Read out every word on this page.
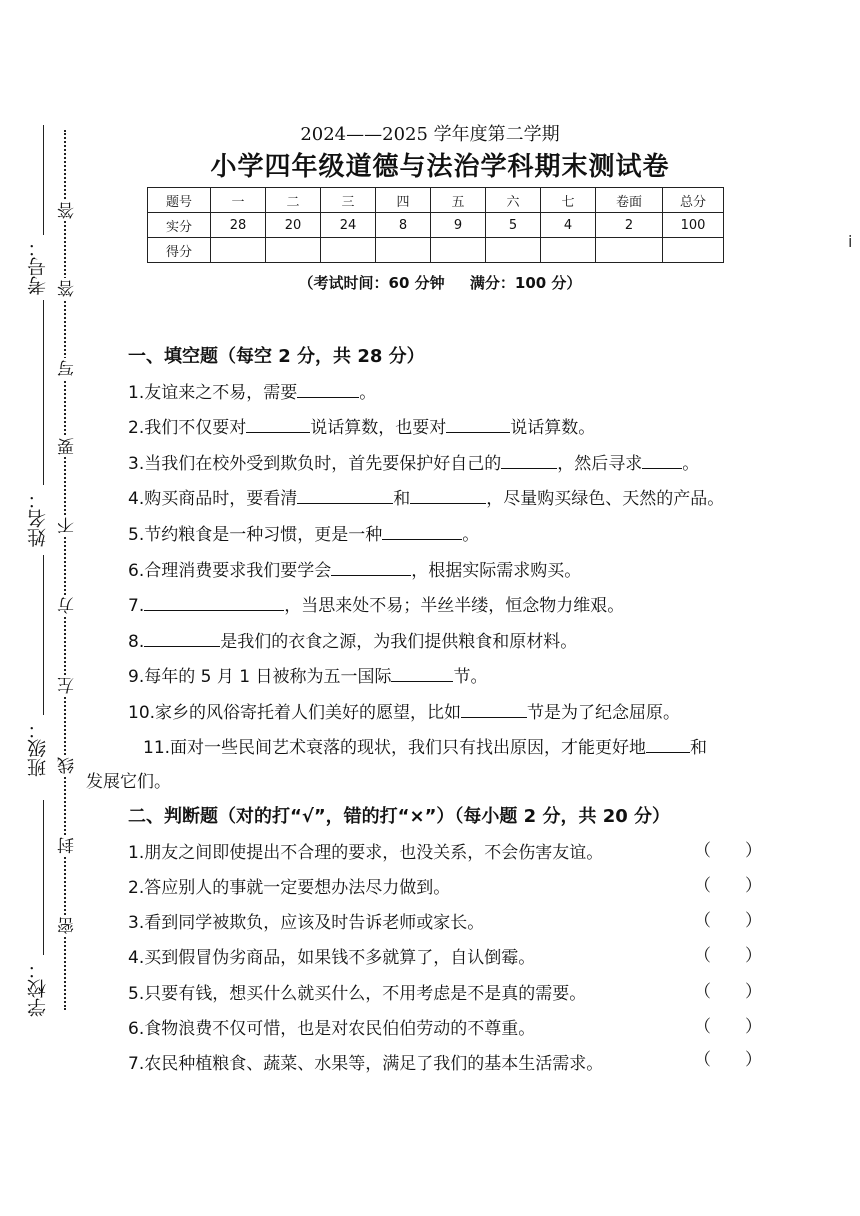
考号：
姓名：
班级：
学校：
答
答
写
要
不
方
左
线
封
密
2024——2025 学年度第二学期
小学四年级道德与法治学科期末测试卷
题号	一	二	三	四	五	六	七	卷面	总分
实分	28	20	24	8	9	5	4	2	100
得分									
（考试时间：60 分钟 满分：100 分）
一、填空题（每空 2 分，共 28 分）
1.友谊来之不易，需要	。
2.我们不仅要对	说话算数，也要对	说话算数。
3.当我们在校外受到欺负时，首先要保护好自己的	，然后寻求 。
4.购买商品时，要看清	和	，尽量购买绿色、天然的产品。
5.节约粮食是一种习惯，更是一种	。
6.合理消费要求我们要学会	，根据实际需求购买。
7.	，当思来处不易；半丝半缕，恒念物力维艰。
8.	是我们的衣食之源，为我们提供粮食和原材料。
9.每年的 5 月 1 日被称为五一国际	节。
10.家乡的风俗寄托着人们美好的愿望，比如	节是为了纪念屈原。
11.面对一些民间艺术衰落的现状，我们只有找出原因，才能更好地	和
发展它们。
二、判断题（对的打“√”，错的打“×”）（每小题 2 分，共 20 分）
1.朋友之间即使提出不合理的要求，也没关系，不会伤害友谊。	（　　）
2.答应别人的事就一定要想办法尽力做到。	（　　）
3.看到同学被欺负，应该及时告诉老师或家长。	（　　）
4.买到假冒伪劣商品，如果钱不多就算了，自认倒霉。	（　　）
5.只要有钱，想买什么就买什么，不用考虑是不是真的需要。	（　　）
6.食物浪费不仅可惜，也是对农民伯伯劳动的不尊重。	（　　）
7.农民种植粮食、蔬菜、水果等，满足了我们的基本生活需求。	（　　）
i
